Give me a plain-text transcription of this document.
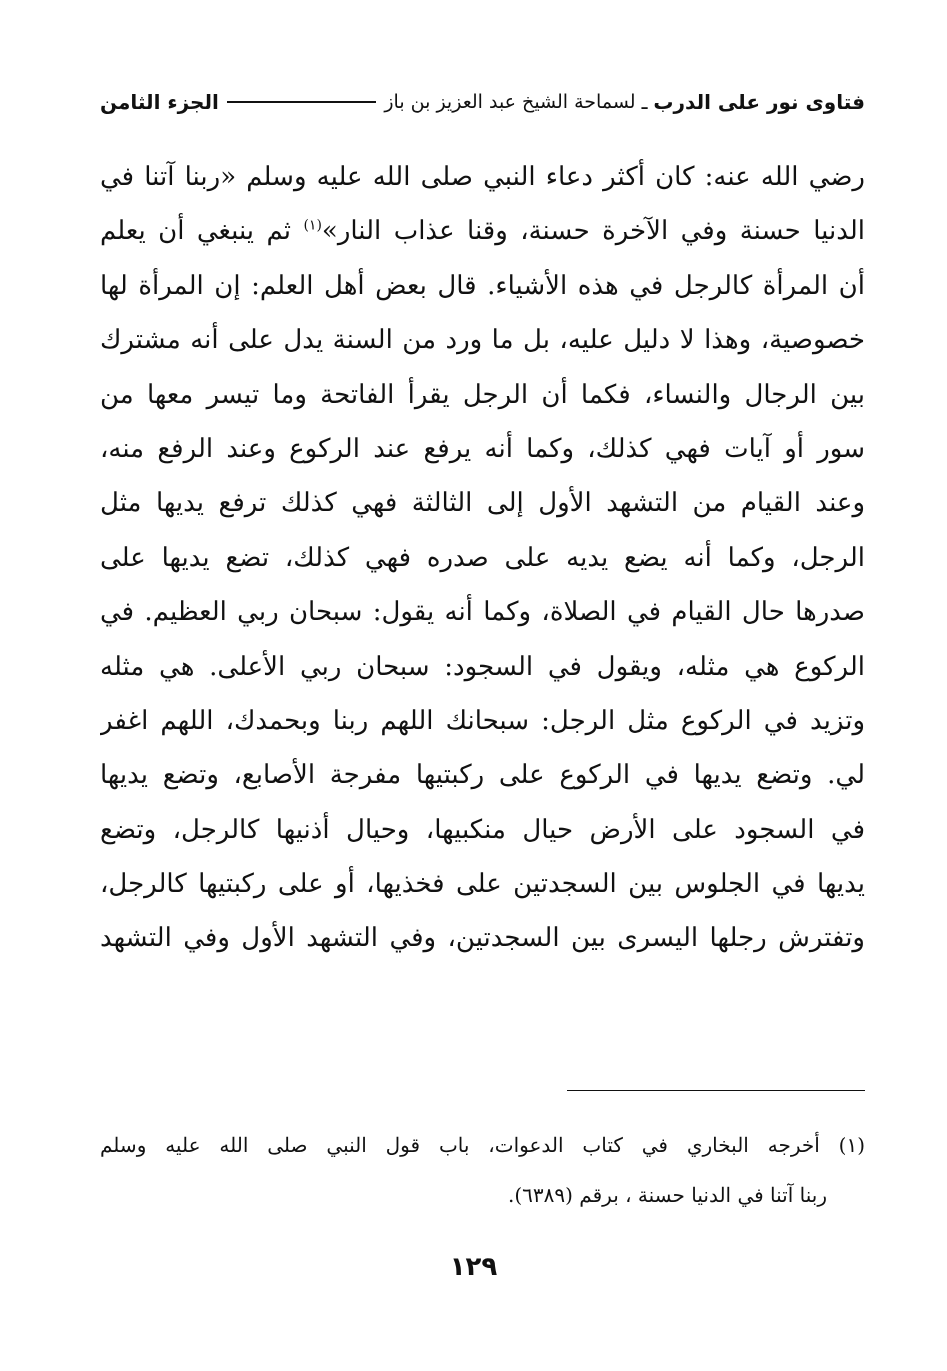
فتاوى نور على الدرب
ـ
لسماحة الشيخ عبد العزيز بن باز
الجزء الثامن
رضي الله عنه: كان أكثر دعاء النبي صلى الله عليه وسلم «ربنا آتنا في
الدنيا حسنة وفي الآخرة حسنة، وقنا عذاب النار»$^{(١)}$ ثم ينبغي أن يعلم
أن المرأة كالرجل في هذه الأشياء. قال بعض أهل العلم: إن المرأة لها
خصوصية، وهذا لا دليل عليه، بل ما ورد من السنة يدل على أنه مشترك
بين الرجال والنساء، فكما أن الرجل يقرأ الفاتحة وما تيسر معها من
سور أو آيات فهي كذلك، وكما أنه يرفع عند الركوع وعند الرفع منه،
وعند القيام من التشهد الأول إلى الثالثة فهي كذلك ترفع يديها مثل
الرجل، وكما أنه يضع يديه على صدره فهي كذلك، تضع يديها على
صدرها حال القيام في الصلاة، وكما أنه يقول: سبحان ربي العظيم. في
الركوع هي مثله، ويقول في السجود: سبحان ربي الأعلى. هي مثله
وتزيد في الركوع مثل الرجل: سبحانك اللهم ربنا وبحمدك، اللهم اغفر
لي. وتضع يديها في الركوع على ركبتيها مفرجة الأصابع، وتضع يديها
في السجود على الأرض حيال منكبيها، وحيال أذنيها كالرجل، وتضع
يديها في الجلوس بين السجدتين على فخذيها، أو على ركبتيها كالرجل،
وتفترش رجلها اليسرى بين السجدتين، وفي التشهد الأول وفي التشهد
(١) أخرجه البخاري في كتاب الدعوات، باب قول النبي صلى الله عليه وسلم
ربنا آتنا في الدنيا حسنة ، برقم (٦٣٨٩).
١٢٩
